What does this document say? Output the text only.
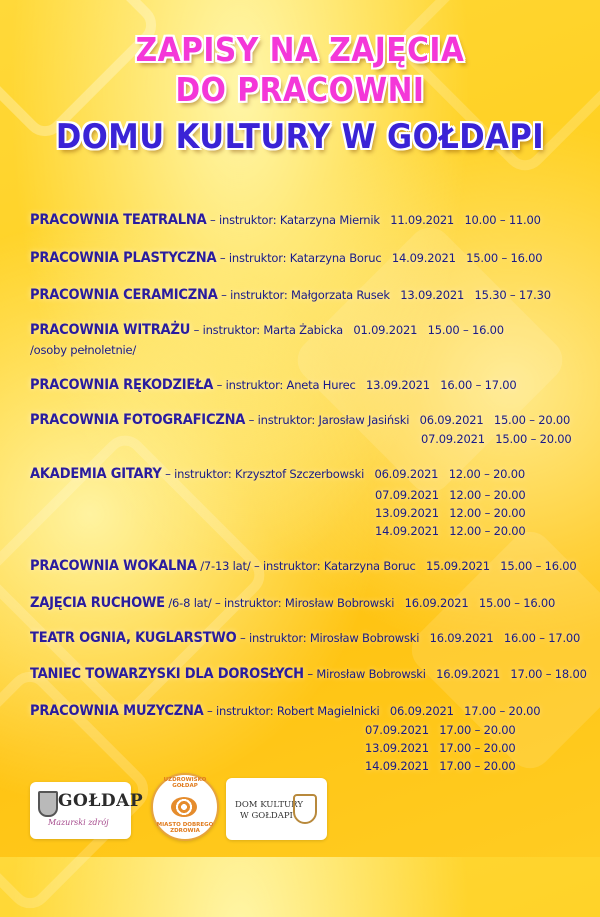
ZAPISY NA ZAJĘCIA
DO PRACOWNI
DOMU KULTURY W GOŁDAPI
PRACOWNIA TEATRALNA – instruktor: Katarzyna Miernik 11.09.2021 10.00 – 11.00
PRACOWNIA PLASTYCZNA – instruktor: Katarzyna Boruc 14.09.2021 15.00 – 16.00
PRACOWNIA CERAMICZNA – instruktor: Małgorzata Rusek 13.09.2021 15.30 – 17.30
PRACOWNIA WITRAŻU – instruktor: Marta Żabicka 01.09.2021 15.00 – 16.00
/osoby pełnoletnie/
PRACOWNIA RĘKODZIEŁA – instruktor: Aneta Hurec 13.09.2021 16.00 – 17.00
PRACOWNIA FOTOGRAFICZNA – instruktor: Jarosław Jasiński 06.09.2021 15.00 – 20.00
07.09.2021 15.00 – 20.00
AKADEMIA GITARY – instruktor: Krzysztof Szczerbowski 06.09.2021 12.00 – 20.00
07.09.2021 12.00 – 20.00
13.09.2021 12.00 – 20.00
14.09.2021 12.00 – 20.00
PRACOWNIA WOKALNA /7-13 lat/ – instruktor: Katarzyna Boruc 15.09.2021 15.00 – 16.00
ZAJĘCIA RUCHOWE /6-8 lat/ – instruktor: Mirosław Bobrowski 16.09.2021 15.00 – 16.00
TEATR OGNIA, KUGLARSTWO – instruktor: Mirosław Bobrowski 16.09.2021 16.00 – 17.00
TANIEC TOWARZYSKI DLA DOROSŁYCH – Mirosław Bobrowski 16.09.2021 17.00 – 18.00
PRACOWNIA MUZYCZNA – instruktor: Robert Magielnicki 06.09.2021 17.00 – 20.00
07.09.2021 17.00 – 20.00
13.09.2021 17.00 – 20.00
14.09.2021 17.00 – 20.00
GOŁDAP
Mazurski zdrój
UZDROWISKO GOŁDAP
MIASTO DOBREGO ZDROWIA
DOM KULTURY
W GOŁDAPI
